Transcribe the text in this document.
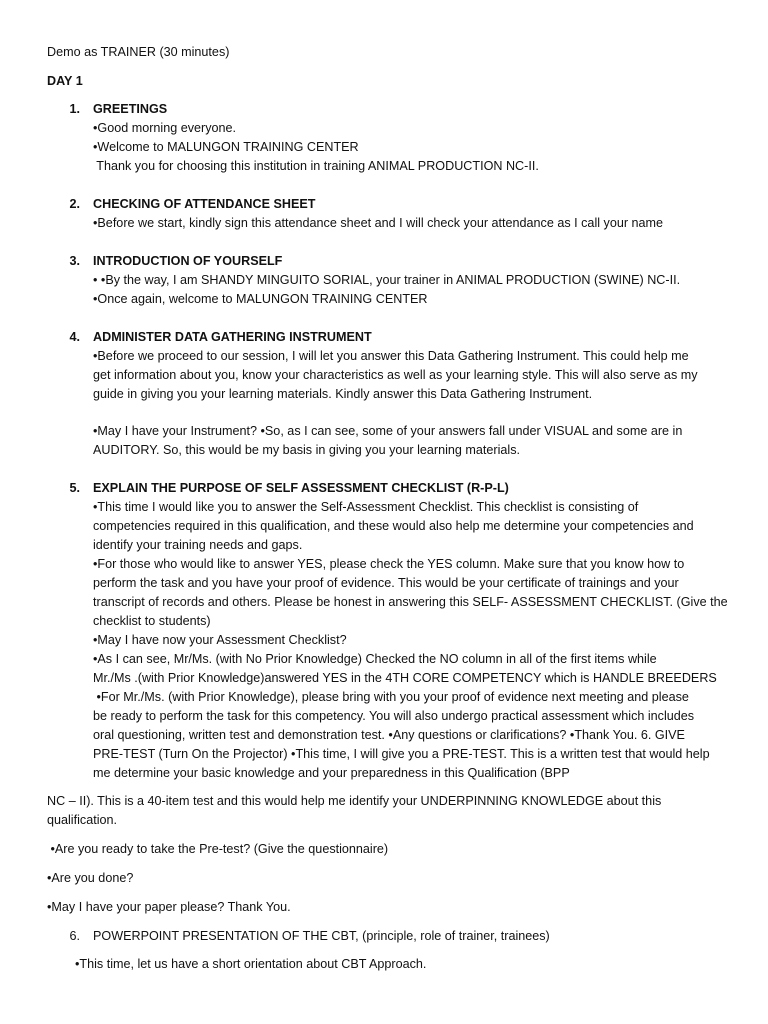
Demo as TRAINER (30 minutes)
DAY 1
1. GREETINGS
•Good morning everyone.
•Welcome to MALUNGON TRAINING CENTER
Thank you for choosing this institution in training ANIMAL PRODUCTION NC-II.
2. CHECKING OF ATTENDANCE SHEET
•Before we start, kindly sign this attendance sheet and I will check your attendance as I call your name
3. INTRODUCTION OF YOURSELF
• •By the way, I am SHANDY MINGUITO SORIAL, your trainer in ANIMAL PRODUCTION (SWINE) NC-II.
•Once again, welcome to MALUNGON TRAINING CENTER
4. ADMINISTER DATA GATHERING INSTRUMENT
•Before we proceed to our session, I will let you answer this Data Gathering Instrument. This could help me
get information about you, know your characteristics as well as your learning style. This will also serve as my
guide in giving you your learning materials. Kindly answer this Data Gathering Instrument.
•May I have your Instrument? •So, as I can see, some of your answers fall under VISUAL and some are in
AUDITORY. So, this would be my basis in giving you your learning materials.
5. EXPLAIN THE PURPOSE OF SELF ASSESSMENT CHECKLIST (R-P-L)
•This time I would like you to answer the Self-Assessment Checklist. This checklist is consisting of
competencies required in this qualification, and these would also help me determine your competencies and
identify your training needs and gaps.
•For those who would like to answer YES, please check the YES column. Make sure that you know how to
perform the task and you have your proof of evidence. This would be your certificate of trainings and your
transcript of records and others. Please be honest in answering this SELF- ASSESSMENT CHECKLIST. (Give the
checklist to students)
•May I have now your Assessment Checklist?
•As I can see, Mr/Ms. (with No Prior Knowledge) Checked the NO column in all of the first items while
Mr./Ms .(with Prior Knowledge)answered YES in the 4TH CORE COMPETENCY which is HANDLE BREEDERS
•For Mr./Ms. (with Prior Knowledge), please bring with you your proof of evidence next meeting and please
be ready to perform the task for this competency. You will also undergo practical assessment which includes
oral questioning, written test and demonstration test. •Any questions or clarifications? •Thank You. 6. GIVE
PRE-TEST (Turn On the Projector) •This time, I will give you a PRE-TEST. This is a written test that would help
me determine your basic knowledge and your preparedness in this Qualification (BPP
NC – II). This is a 40-item test and this would help me identify your UNDERPINNING KNOWLEDGE about this
qualification.
•Are you ready to take the Pre-test? (Give the questionnaire)
•Are you done?
•May I have your paper please? Thank You.
6. POWERPOINT PRESENTATION OF THE CBT, (principle, role of trainer, trainees)
•This time, let us have a short orientation about CBT Approach.
